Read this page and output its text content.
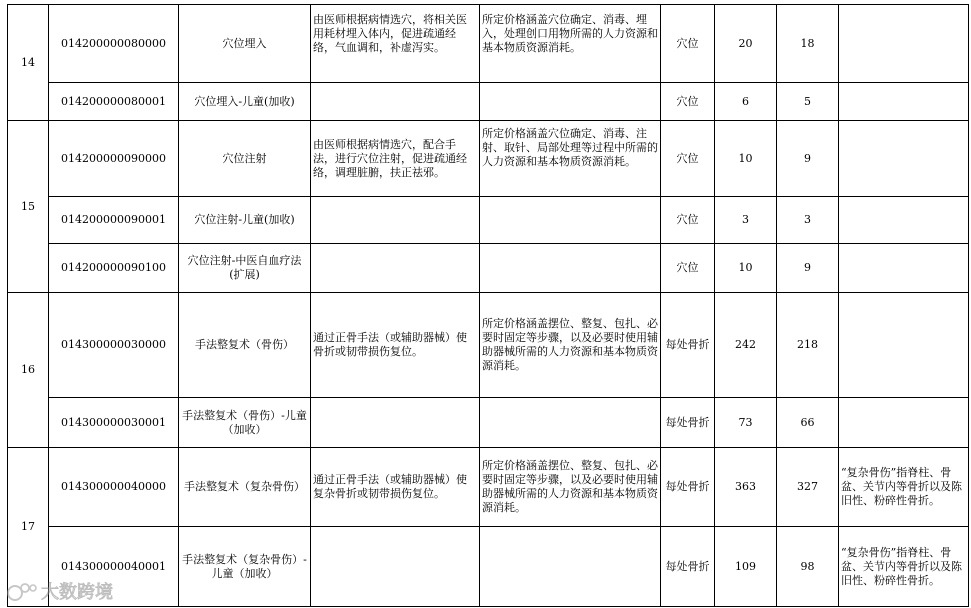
14	014200000080000	穴位埋入	由医师根据病情选穴，将相关医用耗材埋入体内，促进疏通经络，气血调和，补虚泻实。	所定价格涵盖穴位确定、消毒、埋入，处理创口用物所需的人力资源和基本物质资源消耗。	穴位	20	18	
	014200000080001	穴位埋入-儿童(加收)			穴位	6	5	
15	014200000090000	穴位注射	由医师根据病情选穴，配合手法，进行穴位注射，促进疏通经络，调理脏腑，扶正祛邪。	所定价格涵盖穴位确定、消毒、注射、取针、局部处理等过程中所需的人力资源和基本物质资源消耗。	穴位	10	9	
	014200000090001	穴位注射-儿童(加收)			穴位	3	3	
	014200000090100	穴位注射-中医自血疗法(扩展)			穴位	10	9	
16	014300000030000	手法整复术（骨伤）	通过正骨手法（或辅助器械）使骨折或韧带损伤复位。	所定价格涵盖摆位、整复、包扎、必要时固定等步骤，以及必要时使用辅助器械所需的人力资源和基本物质资源消耗。	每处骨折	242	218	
	014300000030001	手法整复术（骨伤）-儿童（加收）			每处骨折	73	66	
17	014300000040000	手法整复术（复杂骨伤）	通过正骨手法（或辅助器械）使复杂骨折或韧带损伤复位。	所定价格涵盖摆位、整复、包扎、必要时固定等步骤，以及必要时使用辅助器械所需的人力资源和基本物质资源消耗。	每处骨折	363	327	“复杂骨伤”指脊柱、骨盆、关节内等骨折以及陈旧性、粉碎性骨折。
	014300000040001	手法整复术（复杂骨伤）-儿童（加收）			每处骨折	109	98	“复杂骨伤”指脊柱、骨盆、关节内等骨折以及陈旧性、粉碎性骨折。
大数跨境
